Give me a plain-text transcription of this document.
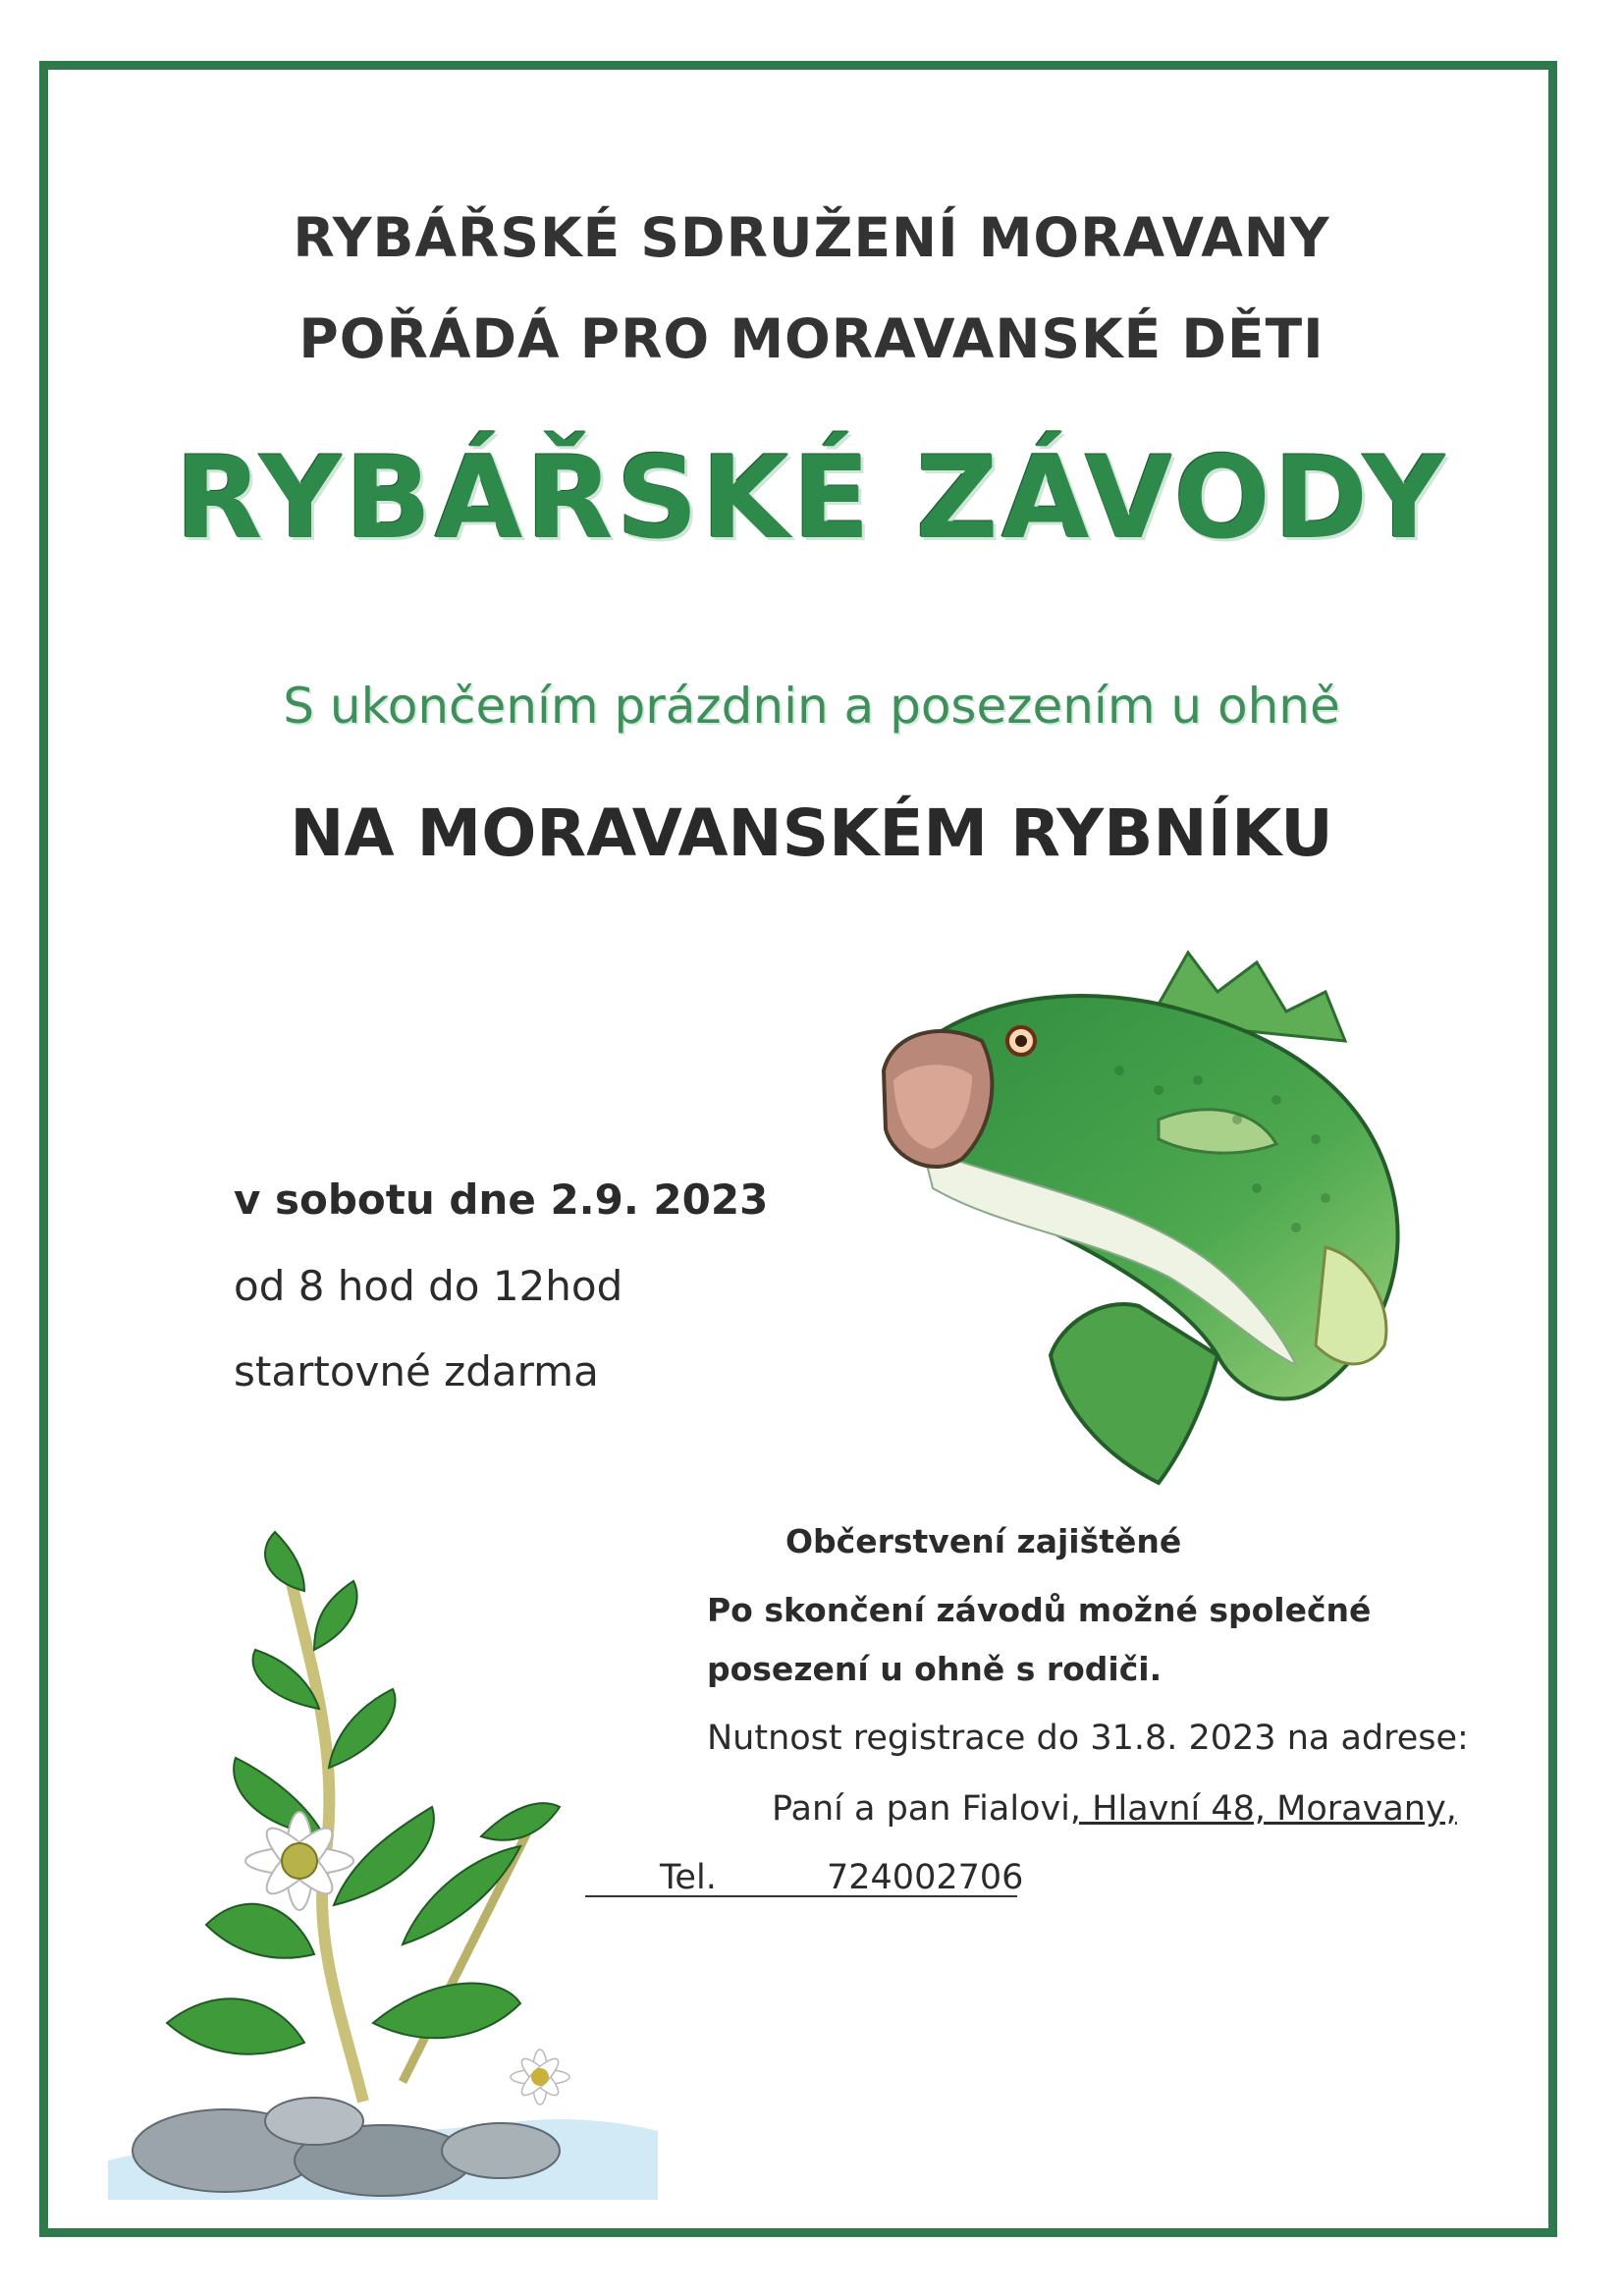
RYBÁŘSKÉ SDRUŽENÍ MORAVANY
POŘÁDÁ PRO MORAVANSKÉ DĚTI
RYBÁŘSKÉ ZÁVODY
S ukončením prázdnin a posezením u ohně
NA MORAVANSKÉM RYBNÍKU
v sobotu dne 2.9. 2023
od 8 hod do 12hod
startovné zdarma
Občerstvení zajištěné
Po skončení závodů možné společné
posezení u ohně s rodiči.
Nutnost registrace do 31.8. 2023 na adrese:
Paní a pan Fialovi, Hlavní 48, Moravany,
Tel.	724002706
